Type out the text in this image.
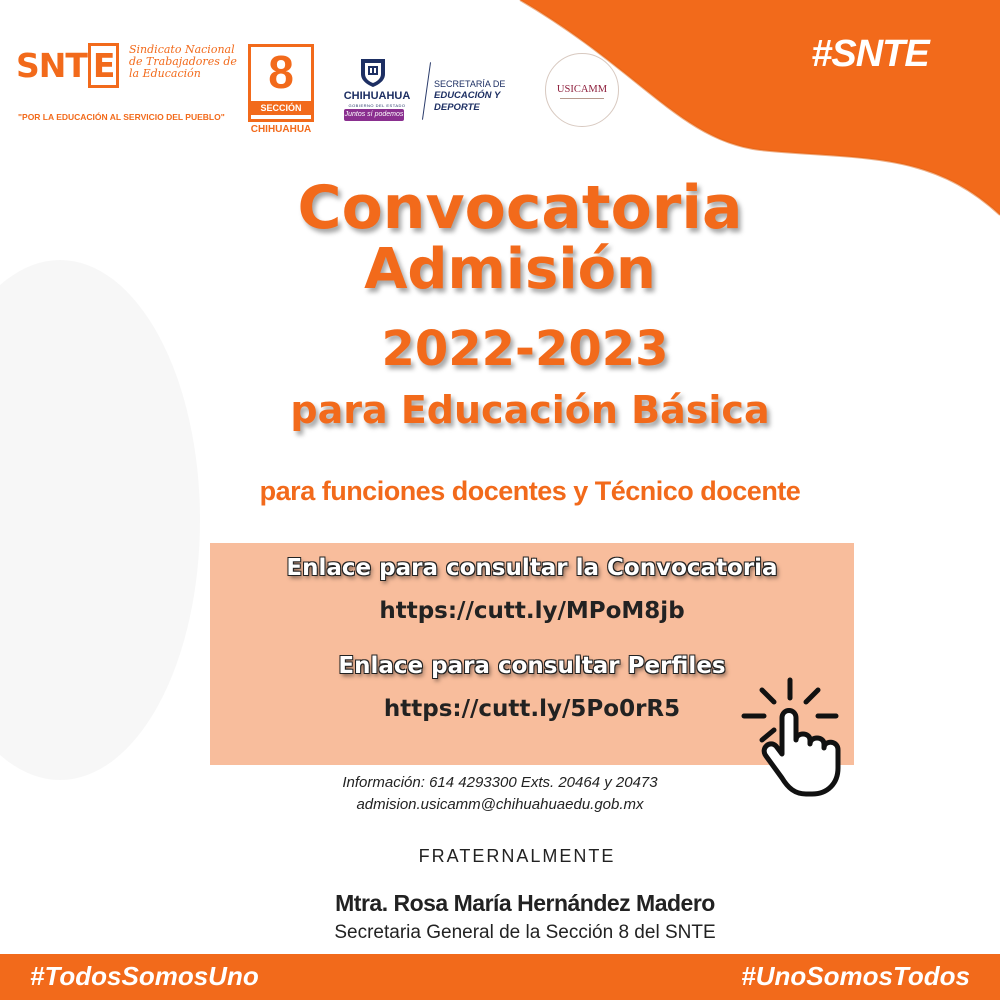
SNT E	Sindicato Nacional de Trabajadores de la Educación
"POR LA EDUCACIÓN AL SERVICIO DEL PUEBLO"
8
SECCIÓN
CHIHUAHUA
CHIHUAHUA
GOBIERNO DEL ESTADO
Juntos sí podemos
SECRETARÍA DE
EDUCACIÓN Y DEPORTE
USICAMM
#SNTE
Convocatoria
Admisión
2022-2023
para Educación Básica
para funciones docentes y Técnico docente
Enlace para consultar la Convocatoria
https://cutt.ly/MPoM8jb
Enlace para consultar Perfiles
https://cutt.ly/5Po0rR5
Información: 614 4293300 Exts. 20464 y 20473
admision.usicamm@chihuahuaedu.gob.mx
FRATERNALMENTE
Mtra. Rosa María Hernández Madero
Secretaria General de la Sección 8 del SNTE
#TodosSomosUno	#UnoSomosTodos
